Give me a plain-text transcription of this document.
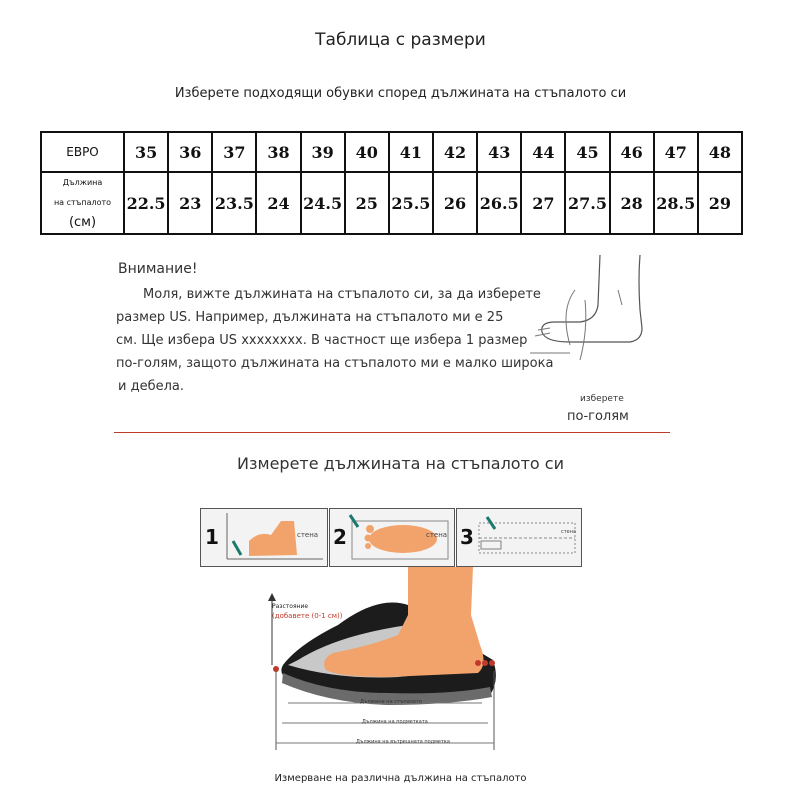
Таблица с размери
Изберете подходящи обувки според дължината на стъпалото си
ЕВРО	35	36	37	38	39	40	41	42	43	44	45	46	47	48

Дължина
на стъпалото
(см)	22.5	23	23.5	24	24.5	25	25.5	26	26.5	27	27.5	28	28.5	29
Внимание!
Моля, вижте дължината на стъпалото си, за да изберете
размер US. Например, дължината на стъпалото ми е 25
см. Ще избера US xxxxxxxx. В частност ще избера 1 размер
по-голям, защото дължината на стъпалото ми е малко широка
и дебела.
изберете
по-голям
Измерете дължината на стъпалото си
1	стена 2	стена 3	стена
Разстояние
(добавете (0-1 см))
Дължина на стъпалото
Дължина на подметката
Дължина на вътрешната подметка
Измерване на различна дължина на стъпалото
